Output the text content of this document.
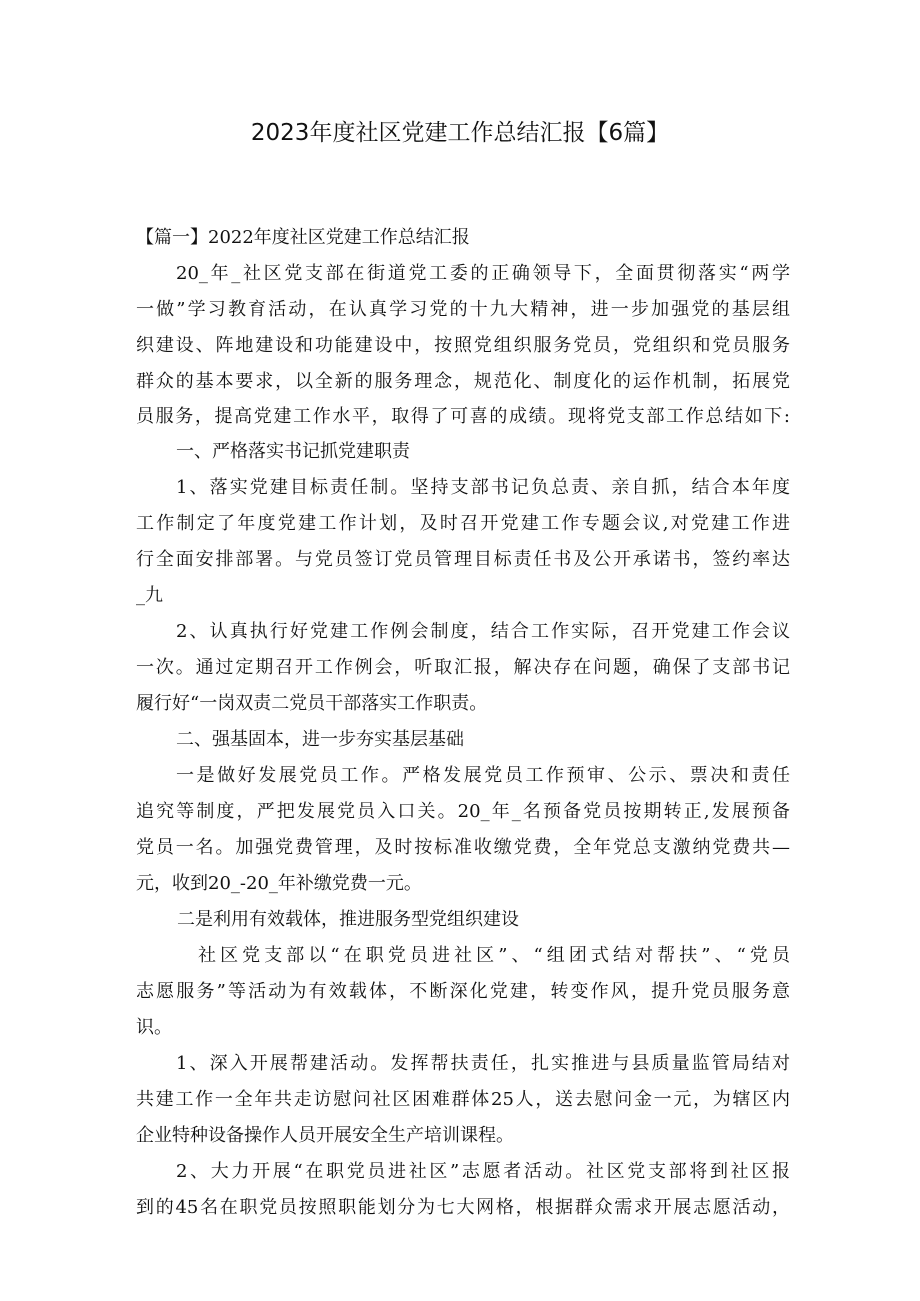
2023年度社区党建工作总结汇报【6篇】
【篇一】2022年度社区党建工作总结汇报
20_年_社区党支部在街道党工委的正确领导下，全面贯彻落实“两学
一做”学习教育活动，在认真学习党的十九大精神，进一步加强党的基层组
织建设、阵地建设和功能建设中，按照党组织服务党员，党组织和党员服务
群众的基本要求，以全新的服务理念，规范化、制度化的运作机制，拓展党
员服务，提高党建工作水平，取得了可喜的成绩。现将党支部工作总结如下:
一、严格落实书记抓党建职责
1、落实党建目标责任制。坚持支部书记负总责、亲自抓，结合本年度
工作制定了年度党建工作计划，及时召开党建工作专题会议,对党建工作进
行全面安排部署。与党员签订党员管理目标责任书及公开承诺书，签约率达
_九
2、认真执行好党建工作例会制度，结合工作实际，召开党建工作会议
一次。通过定期召开工作例会，听取汇报，解决存在问题，确保了支部书记
履行好“一岗双责二党员干部落实工作职责。
二、强基固本，进一步夯实基层基础
一是做好发展党员工作。严格发展党员工作预审、公示、票决和责任
追究等制度，严把发展党员入口关。20_年_名预备党员按期转正,发展预备
党员一名。加强党费管理，及时按标准收缴党费，全年党总支激纳党费共—
元，收到20_-20_年补缴党费一元。
二是利用有效载体，推进服务型党组织建设
社区党支部以“在职党员进社区”、“组团式结对帮扶”、“党员
志愿服务”等活动为有效载体，不断深化党建，转变作风，提升党员服务意
识。
1、深入开展帮建活动。发挥帮扶责任，扎实推进与县质量监管局结对
共建工作一全年共走访慰问社区困难群体25人，送去慰问金一元，为辖区内
企业特种设备操作人员开展安全生产培训课程。
2、大力开展“在职党员进社区”志愿者活动。社区党支部将到社区报
到的45名在职党员按照职能划分为七大网格，根据群众需求开展志愿活动，
